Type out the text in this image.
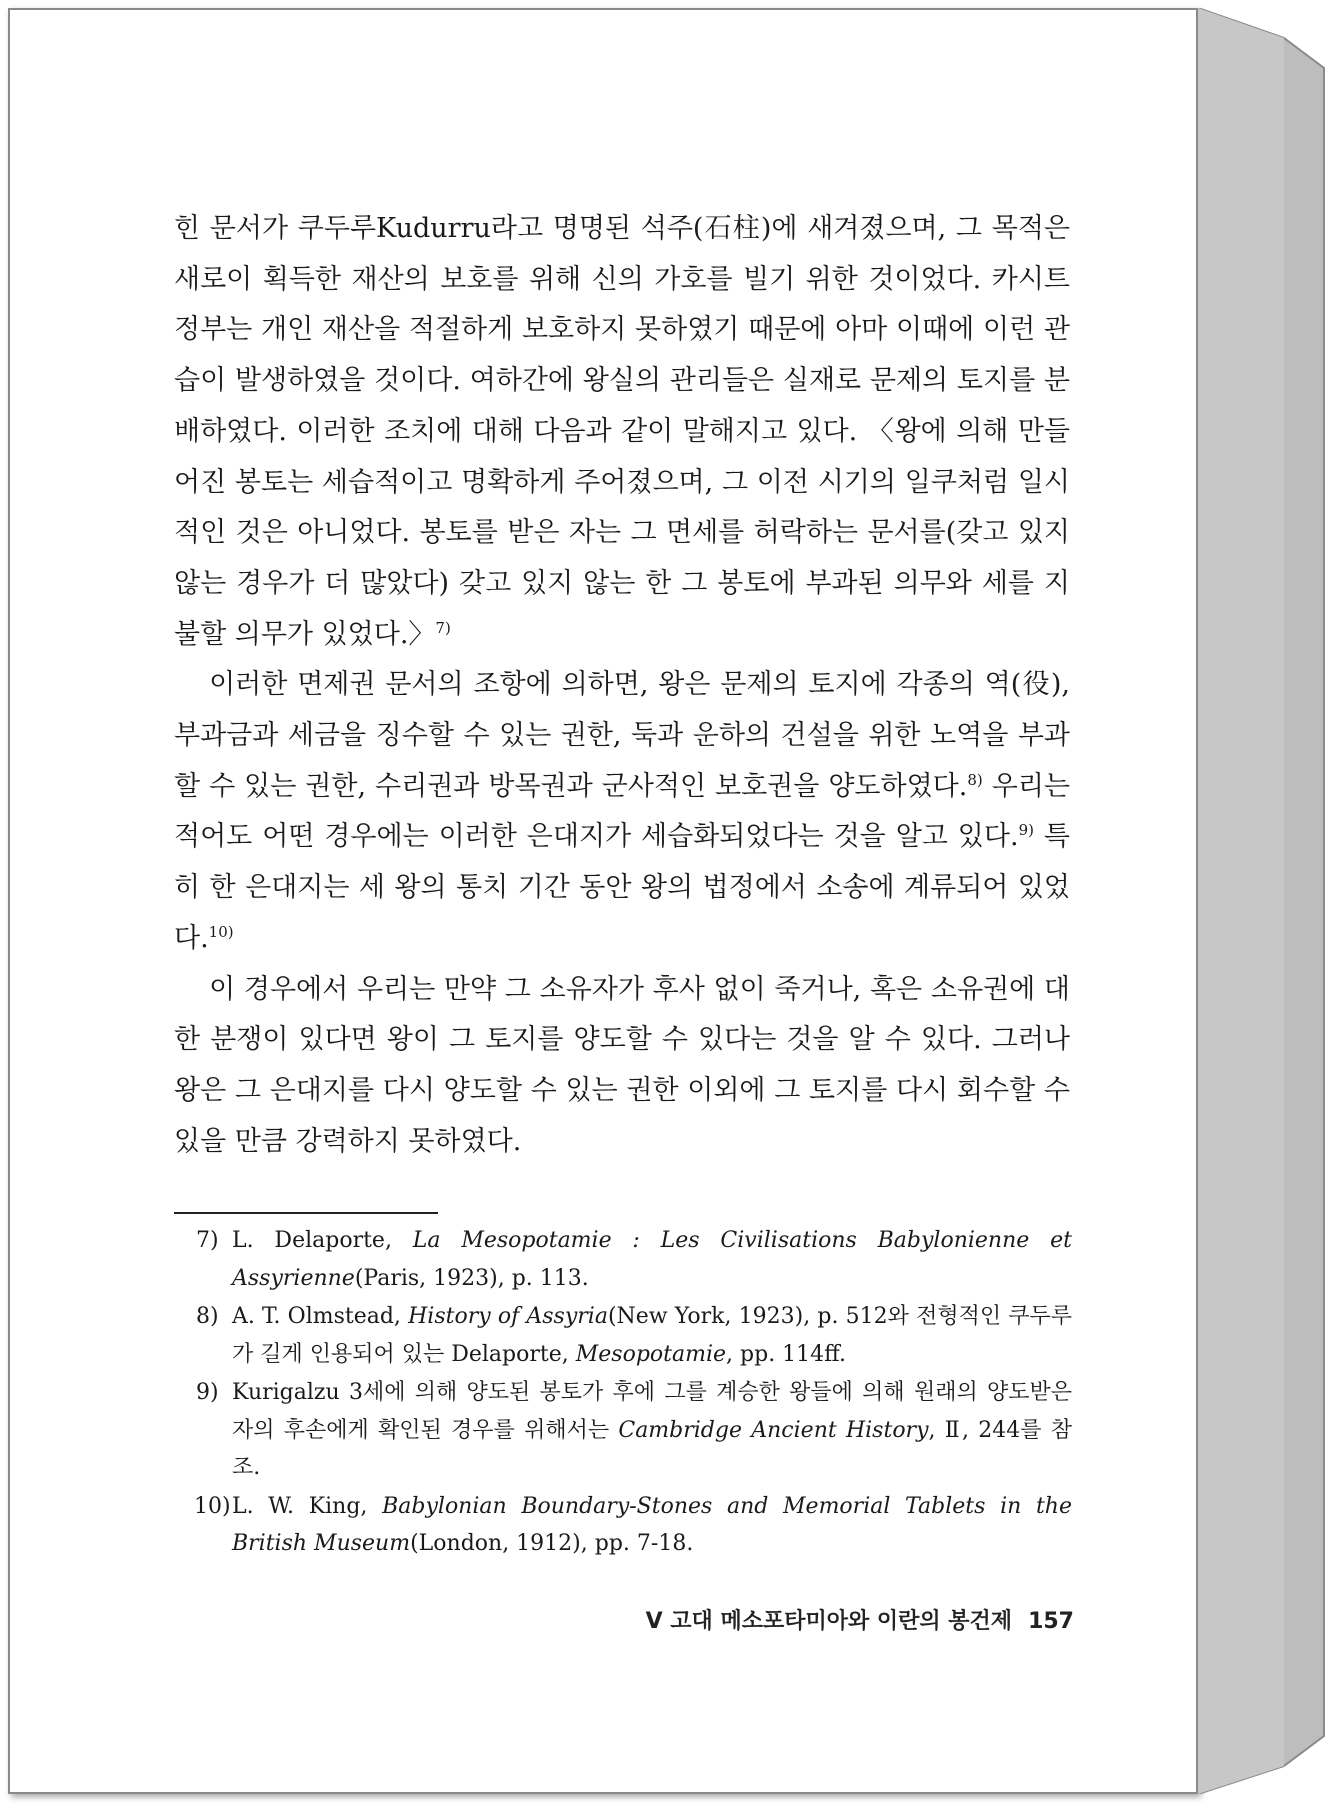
힌 문서가 쿠두루Kudurru라고 명명된 석주(石柱)에 새겨졌으며, 그 목적은 새로이 획득한 재산의 보호를 위해 신의 가호를 빌기 위한 것이었다. 카시트 정부는 개인 재산을 적절하게 보호하지 못하였기 때문에 아마 이때에 이런 관습이 발생하였을 것이다. 여하간에 왕실의 관리들은 실재로 문제의 토지를 분배하였다. 이러한 조치에 대해 다음과 같이 말해지고 있다. 〈왕에 의해 만들어진 봉토는 세습적이고 명확하게 주어졌으며, 그 이전 시기의 일쿠처럼 일시적인 것은 아니었다. 봉토를 받은 자는 그 면세를 허락하는 문서를(갖고 있지 않는 경우가 더 많았다) 갖고 있지 않는 한 그 봉토에 부과된 의무와 세를 지불할 의무가 있었다.〉$^{7)}$

이러한 면제권 문서의 조항에 의하면, 왕은 문제의 토지에 각종의 역(役), 부과금과 세금을 징수할 수 있는 권한, 둑과 운하의 건설을 위한 노역을 부과할 수 있는 권한, 수리권과 방목권과 군사적인 보호권을 양도하였다.$^{8)}$ 우리는 적어도 어떤 경우에는 이러한 은대지가 세습화되었다는 것을 알고 있다.$^{9)}$ 특히 한 은대지는 세 왕의 통치 기간 동안 왕의 법정에서 소송에 계류되어 있었다.$^{10)}$

이 경우에서 우리는 만약 그 소유자가 후사 없이 죽거나, 혹은 소유권에 대한 분쟁이 있다면 왕이 그 토지를 양도할 수 있다는 것을 알 수 있다. 그러나 왕은 그 은대지를 다시 양도할 수 있는 권한 이외에 그 토지를 다시 회수할 수 있을 만큼 강력하지 못하였다.

7) L. Delaporte, La Mesopotamie : Les Civilisations Babylonienne et Assyrienne(Paris, 1923), p. 113.
8) A. T. Olmstead, History of Assyria(New York, 1923), p. 512와 전형적인 쿠두루가 길게 인용되어 있는 Delaporte, Mesopotamie, pp. 114ff.
9) Kurigalzu 3세에 의해 양도된 봉토가 후에 그를 계승한 왕들에 의해 원래의 양도받은 자의 후손에게 확인된 경우를 위해서는 Cambridge Ancient History, Ⅱ, 244를 참조.
10) L. W. King, Babylonian Boundary-Stones and Memorial Tablets in the British Museum(London, 1912), pp. 7-18.
Ⅴ 고대 메소포타미아와 이란의 봉건제 157
